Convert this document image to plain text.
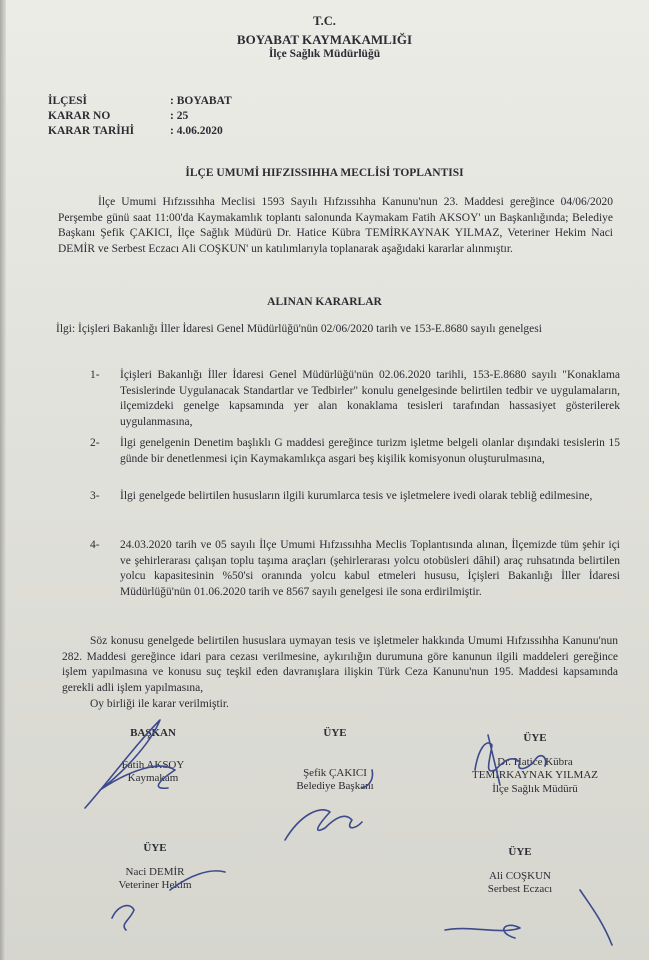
T.C.
BOYABAT KAYMAKAMLIĞI
İlçe Sağlık Müdürlüğü
İLÇESİ	: BOYABAT
KARAR NO	: 25
KARAR TARİHİ	: 4.06.2020
İLÇE UMUMİ HIFZISSIHHA MECLİSİ TOPLANTISI
İlçe Umumi Hıfzıssıhha Meclisi 1593 Sayılı Hıfzıssıhha Kanunu'nun 23. Maddesi gereğince 04/06/2020 Perşembe günü saat 11:00'da Kaymakamlık toplantı salonunda Kaymakam Fatih AKSOY' un Başkanlığında; Belediye Başkanı Şefik ÇAKICI, İlçe Sağlık Müdürü Dr. Hatice Kübra TEMİRKAYNAK YILMAZ, Veteriner Hekim Naci DEMİR ve Serbest Eczacı Ali COŞKUN' un katılımlarıyla toplanarak aşağıdaki kararlar alınmıştır.
ALINAN KARARLAR
İlgi: İçişleri Bakanlığı İller İdaresi Genel Müdürlüğü'nün 02/06/2020 tarih ve 153-E.8680 sayılı genelgesi
1-	İçişleri Bakanlığı İller İdaresi Genel Müdürlüğü'nün 02.06.2020 tarihli, 153-E.8680 sayılı "Konaklama Tesislerinde Uygulanacak Standartlar ve Tedbirler" konulu genelgesinde belirtilen tedbir ve uygulamaların, ilçemizdeki genelge kapsamında yer alan konaklama tesisleri tarafından hassasiyet gösterilerek uygulanmasına,
2-	İlgi genelgenin Denetim başlıklı G maddesi gereğince turizm işletme belgeli olanlar dışındaki tesislerin 15 günde bir denetlenmesi için Kaymakamlıkça asgari beş kişilik komisyonun oluşturulmasına,
3-	İlgi genelgede belirtilen hususların ilgili kurumlarca tesis ve işletmelere ivedi olarak tebliğ edilmesine,
4-	24.03.2020 tarih ve 05 sayılı İlçe Umumi Hıfzıssıhha Meclis Toplantısında alınan, İlçemizde tüm şehir içi ve şehirlerarası çalışan toplu taşıma araçları (şehirlerarası yolcu otobüsleri dâhil) araç ruhsatında belirtilen yolcu kapasitesinin %50'si oranında yolcu kabul etmeleri hususu, İçişleri Bakanlığı İller İdaresi Müdürlüğü'nün 01.06.2020 tarih ve 8567 sayılı genelgesi ile sona erdirilmiştir.
Söz konusu genelgede belirtilen hususlara uymayan tesis ve işletmeler hakkında Umumi Hıfzıssıhha Kanunu'nun 282. Maddesi gereğince idari para cezası verilmesine, aykırılığın durumuna göre kanunun ilgili maddeleri gereğince işlem yapılmasına ve konusu suç teşkil eden davranışlara ilişkin Türk Ceza Kanunu'nun 195. Maddesi kapsamında gerekli adli işlem yapılmasına,
Oy birliği ile karar verilmiştir.
BAŞKAN
Fatih AKSOY
Kaymakam
ÜYE
Şefik ÇAKICI
Belediye Başkanı
ÜYE
Dr. Hatice Kübra
TEMİRKAYNAK YILMAZ
İlçe Sağlık Müdürü
ÜYE
Naci DEMİR
Veteriner Hekim
ÜYE
Ali COŞKUN
Serbest Eczacı
